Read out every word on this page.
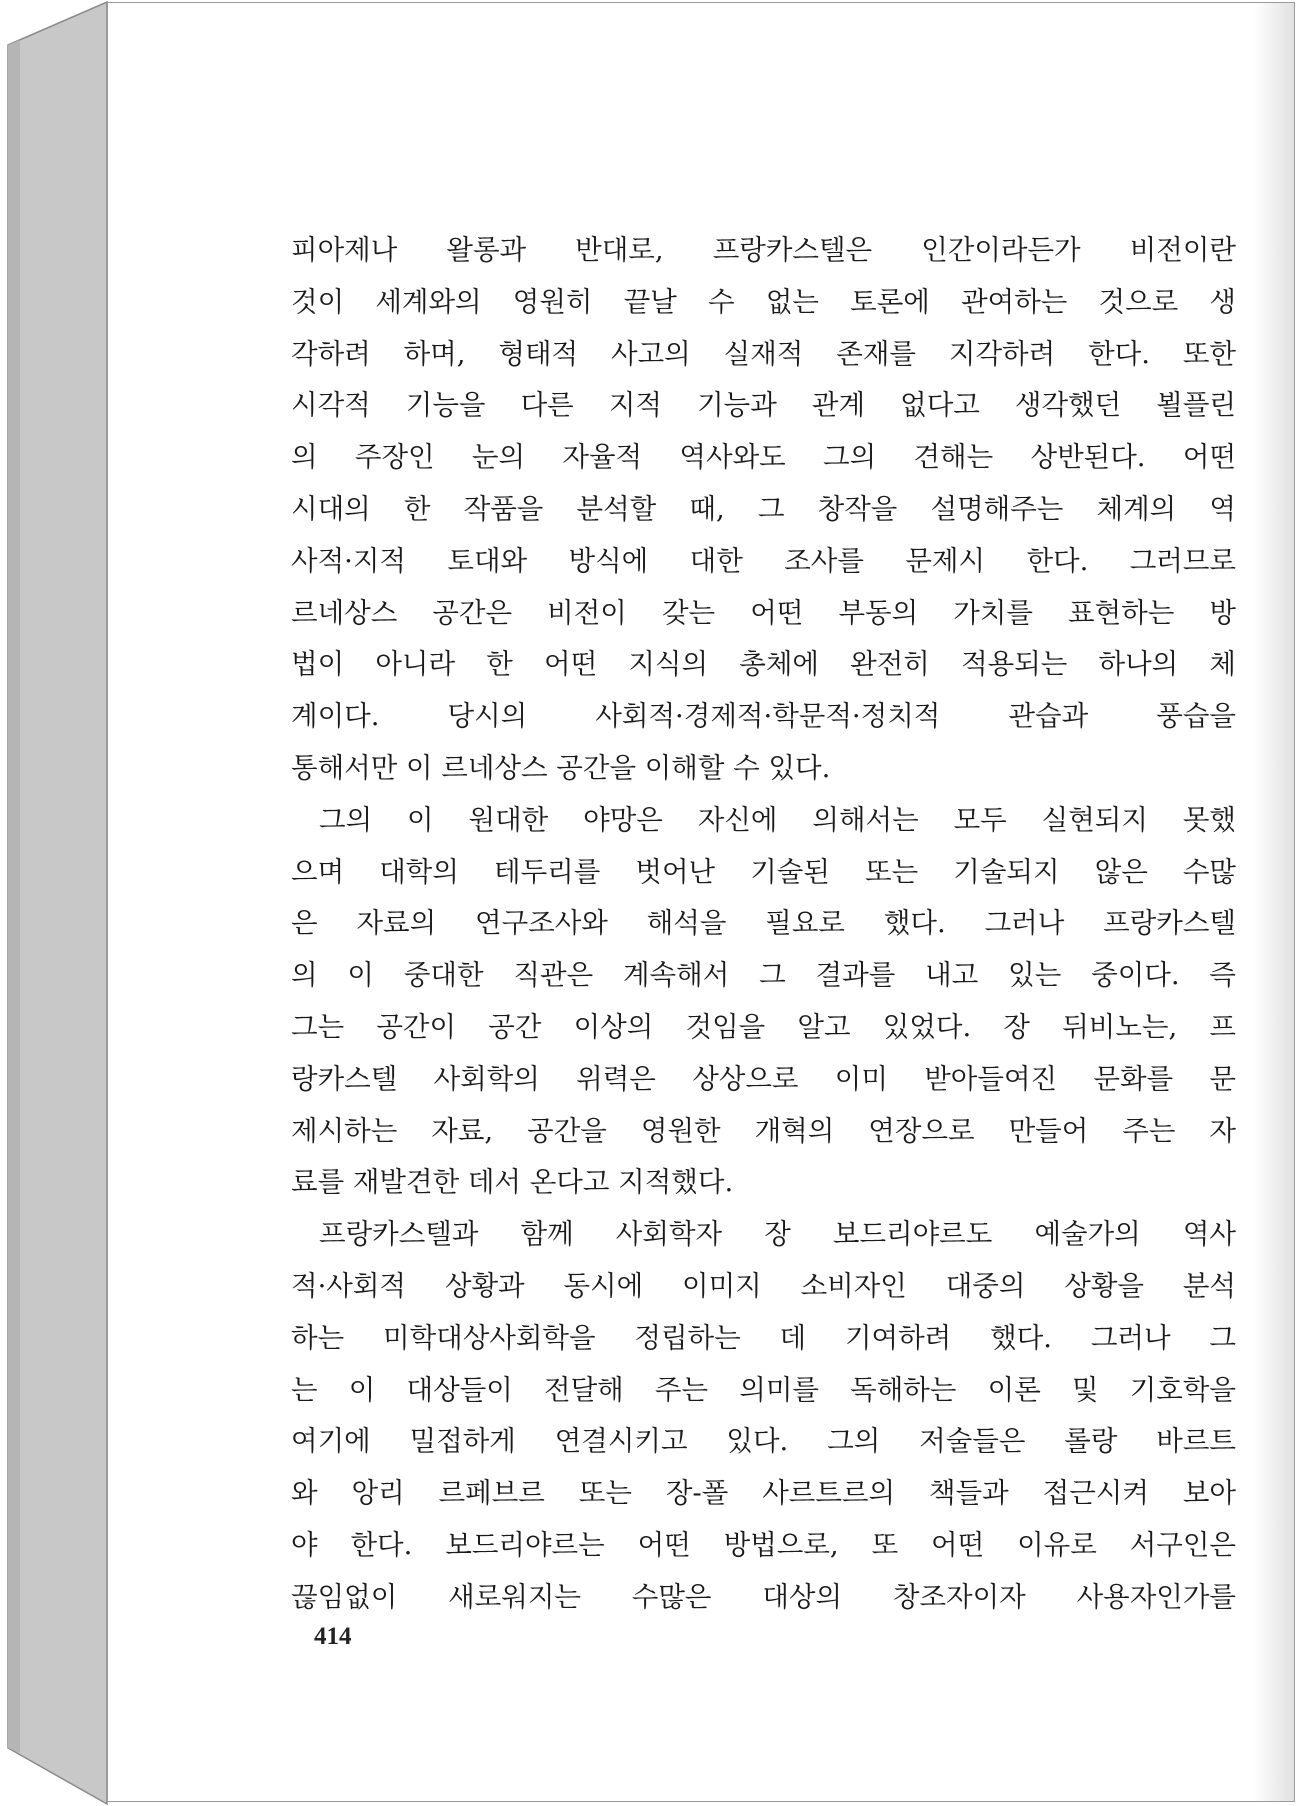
피아제나 왈롱과 반대로, 프랑카스텔은 인간이라든가 비전이란
것이 세계와의 영원히 끝날 수 없는 토론에 관여하는 것으로 생
각하려 하며, 형태적 사고의 실재적 존재를 지각하려 한다. 또한
시각적 기능을 다른 지적 기능과 관계 없다고 생각했던 뵐플린
의 주장인 눈의 자율적 역사와도 그의 견해는 상반된다. 어떤
시대의 한 작품을 분석할 때, 그 창작을 설명해주는 체계의 역
사적·지적 토대와 방식에 대한 조사를 문제시 한다. 그러므로
르네상스 공간은 비전이 갖는 어떤 부동의 가치를 표현하는 방
법이 아니라 한 어떤 지식의 총체에 완전히 적용되는 하나의 체
계이다. 당시의 사회적·경제적·학문적·정치적 관습과 풍습을
통해서만 이 르네상스 공간을 이해할 수 있다.
그의 이 원대한 야망은 자신에 의해서는 모두 실현되지 못했
으며 대학의 테두리를 벗어난 기술된 또는 기술되지 않은 수많
은 자료의 연구조사와 해석을 필요로 했다. 그러나 프랑카스텔
의 이 중대한 직관은 계속해서 그 결과를 내고 있는 중이다. 즉
그는 공간이 공간 이상의 것임을 알고 있었다. 장 뒤비노는, 프
랑카스텔 사회학의 위력은 상상으로 이미 받아들여진 문화를 문
제시하는 자료, 공간을 영원한 개혁의 연장으로 만들어 주는 자
료를 재발견한 데서 온다고 지적했다.
프랑카스텔과 함께 사회학자 장 보드리야르도 예술가의 역사
적·사회적 상황과 동시에 이미지 소비자인 대중의 상황을 분석
하는 미학대상사회학을 정립하는 데 기여하려 했다. 그러나 그
는 이 대상들이 전달해 주는 의미를 독해하는 이론 및 기호학을
여기에 밀접하게 연결시키고 있다. 그의 저술들은 롤랑 바르트
와 앙리 르페브르 또는 장-폴 사르트르의 책들과 접근시켜 보아
야 한다. 보드리야르는 어떤 방법으로, 또 어떤 이유로 서구인은
끊임없이 새로워지는 수많은 대상의 창조자이자 사용자인가를
414
